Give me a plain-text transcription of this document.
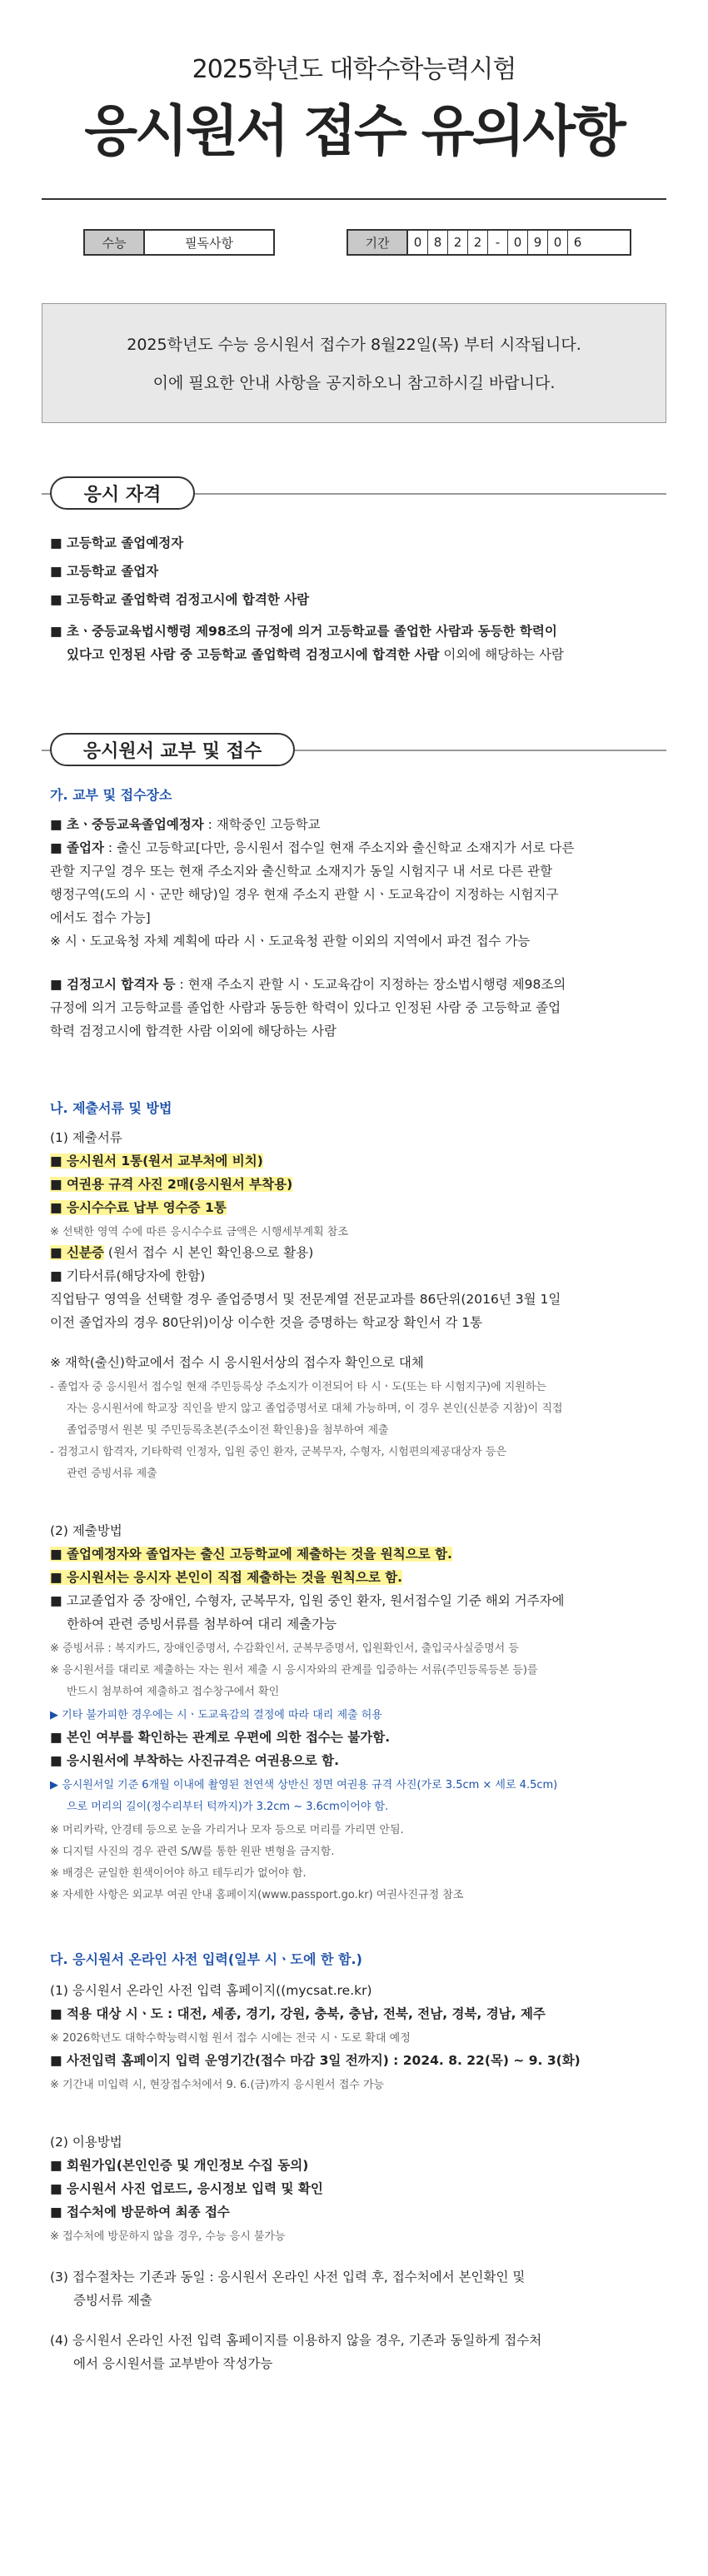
2025학년도 대학수학능력시험
응시원서 접수 유의사항
수능	필독사항	기간	0 8 2 2	-	0 9 0 6
2025학년도 수능 응시원서 접수가 8월22일(목) 부터 시작됩니다.
이에 필요한 안내 사항을 공지하오니 참고하시길 바랍니다.
응시 자격
■ 고등학교 졸업예정자
■ 고등학교 졸업자
■ 고등학교 졸업학력 검정고시에 합격한 사람
■ 초ㆍ중등교육법시행령 제98조의 규정에 의거 고등학교를 졸업한 사람과 동등한 학력이
있다고 인정된 사람 중 고등학교 졸업학력 검정고시에 합격한 사람 이외에 해당하는 사람
응시원서 교부 및 접수
가. 교부 및 접수장소
■ 초ㆍ중등교육졸업예정자 : 재학중인 고등학교
■ 졸업자 : 출신 고등학교[다만, 응시원서 접수일 현재 주소지와 출신학교 소재지가 서로 다른
관할 지구일 경우 또는 현재 주소지와 출신학교 소재지가 동일 시험지구 내 서로 다른 관할
행정구역(도의 시ㆍ군만 해당)일 경우 현재 주소지 관할 시ㆍ도교육감이 지정하는 시험지구
에서도 접수 가능]
※ 시ㆍ도교육청 자체 계획에 따라 시ㆍ도교육청 관할 이외의 지역에서 파견 접수 가능
■ 검정고시 합격자 등 : 현재 주소지 관할 시ㆍ도교육감이 지정하는 장소법시행령 제98조의
규정에 의거 고등학교를 졸업한 사람과 동등한 학력이 있다고 인정된 사람 중 고등학교 졸업
학력 검정고시에 합격한 사람 이외에 해당하는 사람
나. 제출서류 및 방법
(1) 제출서류
■ 응시원서 1통(원서 교부처에 비치)
■ 여권용 규격 사진 2매(응시원서 부착용)
■ 응시수수료 납부 영수증 1통
※ 선택한 영역 수에 따른 응시수수료 금액은 시행세부계획 참조
■ 신분증 (원서 접수 시 본인 확인용으로 활용)
■ 기타서류(해당자에 한함)
직업탐구 영역을 선택할 경우 졸업증명서 및 전문계열 전문교과를 86단위(2016년 3월 1일
이전 졸업자의 경우 80단위)이상 이수한 것을 증명하는 학교장 확인서 각 1통
※ 재학(출신)학교에서 접수 시 응시원서상의 접수자 확인으로 대체
- 졸업자 중 응시원서 접수일 현재 주민등록상 주소지가 이전되어 타 시ㆍ도(또는 타 시험지구)에 지원하는
자는 응시원서에 학교장 직인을 받지 않고 졸업증명서로 대체 가능하며, 이 경우 본인(신분증 지참)이 직접
졸업증명서 원본 및 주민등록초본(주소이전 확인용)을 첨부하여 제출
- 검정고시 합격자, 기타학력 인정자, 입원 중인 환자, 군복무자, 수형자, 시험편의제공대상자 등은
관련 증빙서류 제출
(2) 제출방법
■ 졸업예정자와 졸업자는 출신 고등학교에 제출하는 것을 원칙으로 함.
■ 응시원서는 응시자 본인이 직접 제출하는 것을 원칙으로 함.
■ 고교졸업자 중 장애인, 수형자, 군복무자, 입원 중인 환자, 원서접수일 기준 해외 거주자에
한하여 관련 증빙서류를 첨부하여 대리 제출가능
※ 증빙서류 : 복지카드, 장애인증명서, 수감확인서, 군복무증명서, 입원확인서, 출입국사실증명서 등
※ 응시원서를 대리로 제출하는 자는 원서 제출 시 응시자와의 관계를 입증하는 서류(주민등록등본 등)를
반드시 첨부하여 제출하고 접수창구에서 확인
▶ 기타 불가피한 경우에는 시ㆍ도교육감의 결정에 따라 대리 제출 허용
■ 본인 여부를 확인하는 관계로 우편에 의한 접수는 불가함.
■ 응시원서에 부착하는 사진규격은 여권용으로 함.
▶ 응시원서일 기준 6개월 이내에 촬영된 천연색 상반신 정면 여권용 규격 사진(가로 3.5cm × 세로 4.5cm)
으로 머리의 길이(정수리부터 턱까지)가 3.2cm ~ 3.6cm이어야 함.
※ 머리카락, 안경테 등으로 눈을 가리거나 모자 등으로 머리를 가리면 안됨.
※ 디지털 사진의 경우 관련 S/W를 통한 원판 변형을 금지함.
※ 배경은 균일한 흰색이어야 하고 테두리가 없어야 함.
※ 자세한 사항은 외교부 여권 안내 홈페이지(www.passport.go.kr) 여권사진규정 참조
다. 응시원서 온라인 사전 입력(일부 시ㆍ도에 한 함.)
(1) 응시원서 온라인 사전 입력 홈페이지((mycsat.re.kr)
■ 적용 대상 시ㆍ도 : 대전, 세종, 경기, 강원, 충북, 충남, 전북, 전남, 경북, 경남, 제주
※ 2026학년도 대학수학능력시험 원서 접수 시에는 전국 시ㆍ도로 확대 예정
■ 사전입력 홈페이지 입력 운영기간(접수 마감 3일 전까지) : 2024. 8. 22(목) ~ 9. 3(화)
※ 기간내 미입력 시, 현장접수처에서 9. 6.(금)까지 응시원서 접수 가능
(2) 이용방법
■ 회원가입(본인인증 및 개인정보 수집 동의)
■ 응시원서 사진 업로드, 응시정보 입력 및 확인
■ 접수처에 방문하여 최종 접수
※ 접수처에 방문하지 않을 경우, 수능 응시 불가능
(3) 접수절차는 기존과 동일 : 응시원서 온라인 사전 입력 후, 접수처에서 본인확인 및
증빙서류 제출
(4) 응시원서 온라인 사전 입력 홈페이지를 이용하지 않을 경우, 기존과 동일하게 접수처
에서 응시원서를 교부받아 작성가능
